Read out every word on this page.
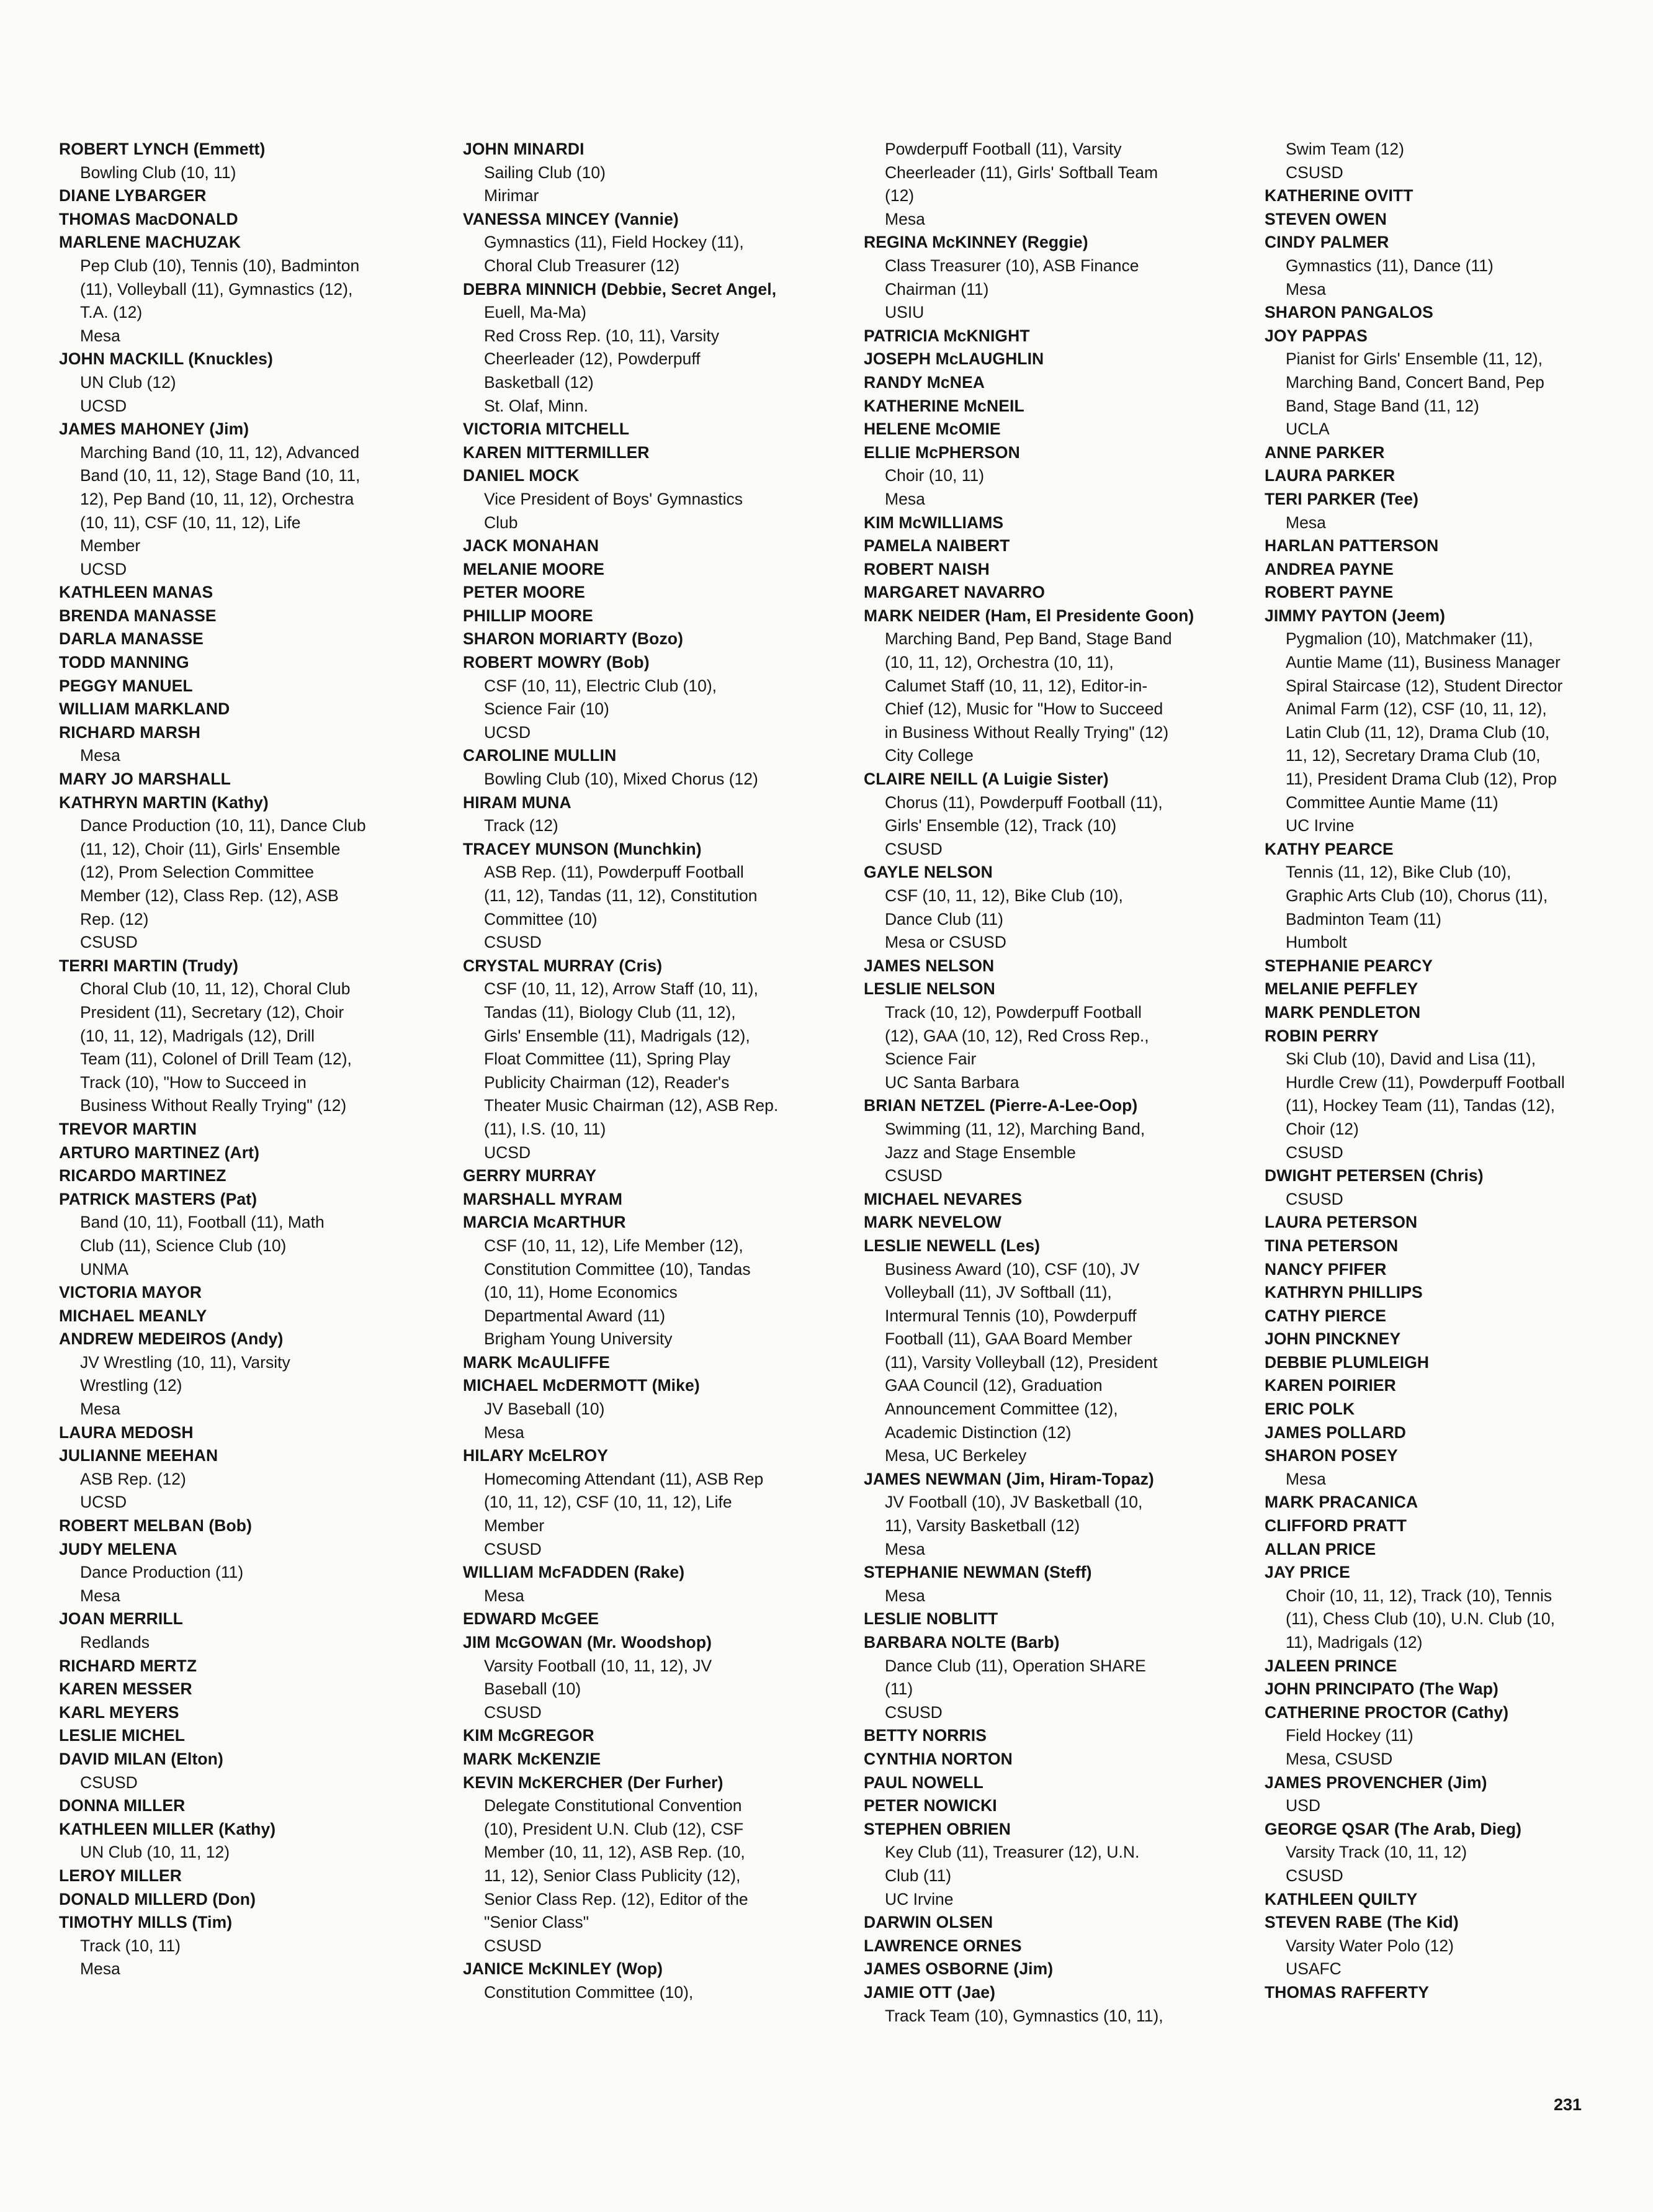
ROBERT LYNCH (Emmett)
Bowling Club (10, 11)
DIANE LYBARGER
THOMAS MacDONALD
MARLENE MACHUZAK
Pep Club (10), Tennis (10), Badminton
(11), Volleyball (11), Gymnastics (12),
T.A. (12)
Mesa
JOHN MACKILL (Knuckles)
UN Club (12)
UCSD
JAMES MAHONEY (Jim)
Marching Band (10, 11, 12), Advanced
Band (10, 11, 12), Stage Band (10, 11,
12), Pep Band (10, 11, 12), Orchestra
(10, 11), CSF (10, 11, 12), Life
Member
UCSD
KATHLEEN MANAS
BRENDA MANASSE
DARLA MANASSE
TODD MANNING
PEGGY MANUEL
WILLIAM MARKLAND
RICHARD MARSH
Mesa
MARY JO MARSHALL
KATHRYN MARTIN (Kathy)
Dance Production (10, 11), Dance Club
(11, 12), Choir (11), Girls' Ensemble
(12), Prom Selection Committee
Member (12), Class Rep. (12), ASB
Rep. (12)
CSUSD
TERRI MARTIN (Trudy)
Choral Club (10, 11, 12), Choral Club
President (11), Secretary (12), Choir
(10, 11, 12), Madrigals (12), Drill
Team (11), Colonel of Drill Team (12),
Track (10), "How to Succeed in
Business Without Really Trying" (12)
TREVOR MARTIN
ARTURO MARTINEZ (Art)
RICARDO MARTINEZ
PATRICK MASTERS (Pat)
Band (10, 11), Football (11), Math
Club (11), Science Club (10)
UNMA
VICTORIA MAYOR
MICHAEL MEANLY
ANDREW MEDEIROS (Andy)
JV Wrestling (10, 11), Varsity
Wrestling (12)
Mesa
LAURA MEDOSH
JULIANNE MEEHAN
ASB Rep. (12)
UCSD
ROBERT MELBAN (Bob)
JUDY MELENA
Dance Production (11)
Mesa
JOAN MERRILL
Redlands
RICHARD MERTZ
KAREN MESSER
KARL MEYERS
LESLIE MICHEL
DAVID MILAN (Elton)
CSUSD
DONNA MILLER
KATHLEEN MILLER (Kathy)
UN Club (10, 11, 12)
LEROY MILLER
DONALD MILLERD (Don)
TIMOTHY MILLS (Tim)
Track (10, 11)
Mesa
JOHN MINARDI
Sailing Club (10)
Mirimar
VANESSA MINCEY (Vannie)
Gymnastics (11), Field Hockey (11),
Choral Club Treasurer (12)
DEBRA MINNICH (Debbie, Secret Angel,
Euell, Ma-Ma)
Red Cross Rep. (10, 11), Varsity
Cheerleader (12), Powderpuff
Basketball (12)
St. Olaf, Minn.
VICTORIA MITCHELL
KAREN MITTERMILLER
DANIEL MOCK
Vice President of Boys' Gymnastics
Club
JACK MONAHAN
MELANIE MOORE
PETER MOORE
PHILLIP MOORE
SHARON MORIARTY (Bozo)
ROBERT MOWRY (Bob)
CSF (10, 11), Electric Club (10),
Science Fair (10)
UCSD
CAROLINE MULLIN
Bowling Club (10), Mixed Chorus (12)
HIRAM MUNA
Track (12)
TRACEY MUNSON (Munchkin)
ASB Rep. (11), Powderpuff Football
(11, 12), Tandas (11, 12), Constitution
Committee (10)
CSUSD
CRYSTAL MURRAY (Cris)
CSF (10, 11, 12), Arrow Staff (10, 11),
Tandas (11), Biology Club (11, 12),
Girls' Ensemble (11), Madrigals (12),
Float Committee (11), Spring Play
Publicity Chairman (12), Reader's
Theater Music Chairman (12), ASB Rep.
(11), I.S. (10, 11)
UCSD
GERRY MURRAY
MARSHALL MYRAM
MARCIA McARTHUR
CSF (10, 11, 12), Life Member (12),
Constitution Committee (10), Tandas
(10, 11), Home Economics
Departmental Award (11)
Brigham Young University
MARK McAULIFFE
MICHAEL McDERMOTT (Mike)
JV Baseball (10)
Mesa
HILARY McELROY
Homecoming Attendant (11), ASB Rep
(10, 11, 12), CSF (10, 11, 12), Life
Member
CSUSD
WILLIAM McFADDEN (Rake)
Mesa
EDWARD McGEE
JIM McGOWAN (Mr. Woodshop)
Varsity Football (10, 11, 12), JV
Baseball (10)
CSUSD
KIM McGREGOR
MARK McKENZIE
KEVIN McKERCHER (Der Furher)
Delegate Constitutional Convention
(10), President U.N. Club (12), CSF
Member (10, 11, 12), ASB Rep. (10,
11, 12), Senior Class Publicity (12),
Senior Class Rep. (12), Editor of the
"Senior Class"
CSUSD
JANICE McKINLEY (Wop)
Constitution Committee (10),
Powderpuff Football (11), Varsity
Cheerleader (11), Girls' Softball Team
(12)
Mesa
REGINA McKINNEY (Reggie)
Class Treasurer (10), ASB Finance
Chairman (11)
USIU
PATRICIA McKNIGHT
JOSEPH McLAUGHLIN
RANDY McNEA
KATHERINE McNEIL
HELENE McOMIE
ELLIE McPHERSON
Choir (10, 11)
Mesa
KIM McWILLIAMS
PAMELA NAIBERT
ROBERT NAISH
MARGARET NAVARRO
MARK NEIDER (Ham, El Presidente Goon)
Marching Band, Pep Band, Stage Band
(10, 11, 12), Orchestra (10, 11),
Calumet Staff (10, 11, 12), Editor-in-
Chief (12), Music for "How to Succeed
in Business Without Really Trying" (12)
City College
CLAIRE NEILL (A Luigie Sister)
Chorus (11), Powderpuff Football (11),
Girls' Ensemble (12), Track (10)
CSUSD
GAYLE NELSON
CSF (10, 11, 12), Bike Club (10),
Dance Club (11)
Mesa or CSUSD
JAMES NELSON
LESLIE NELSON
Track (10, 12), Powderpuff Football
(12), GAA (10, 12), Red Cross Rep.,
Science Fair
UC Santa Barbara
BRIAN NETZEL (Pierre-A-Lee-Oop)
Swimming (11, 12), Marching Band,
Jazz and Stage Ensemble
CSUSD
MICHAEL NEVARES
MARK NEVELOW
LESLIE NEWELL (Les)
Business Award (10), CSF (10), JV
Volleyball (11), JV Softball (11),
Intermural Tennis (10), Powderpuff
Football (11), GAA Board Member
(11), Varsity Volleyball (12), President
GAA Council (12), Graduation
Announcement Committee (12),
Academic Distinction (12)
Mesa, UC Berkeley
JAMES NEWMAN (Jim, Hiram-Topaz)
JV Football (10), JV Basketball (10,
11), Varsity Basketball (12)
Mesa
STEPHANIE NEWMAN (Steff)
Mesa
LESLIE NOBLITT
BARBARA NOLTE (Barb)
Dance Club (11), Operation SHARE
(11)
CSUSD
BETTY NORRIS
CYNTHIA NORTON
PAUL NOWELL
PETER NOWICKI
STEPHEN OBRIEN
Key Club (11), Treasurer (12), U.N.
Club (11)
UC Irvine
DARWIN OLSEN
LAWRENCE ORNES
JAMES OSBORNE (Jim)
JAMIE OTT (Jae)
Track Team (10), Gymnastics (10, 11),
Swim Team (12)
CSUSD
KATHERINE OVITT
STEVEN OWEN
CINDY PALMER
Gymnastics (11), Dance (11)
Mesa
SHARON PANGALOS
JOY PAPPAS
Pianist for Girls' Ensemble (11, 12),
Marching Band, Concert Band, Pep
Band, Stage Band (11, 12)
UCLA
ANNE PARKER
LAURA PARKER
TERI PARKER (Tee)
Mesa
HARLAN PATTERSON
ANDREA PAYNE
ROBERT PAYNE
JIMMY PAYTON (Jeem)
Pygmalion (10), Matchmaker (11),
Auntie Mame (11), Business Manager
Spiral Staircase (12), Student Director
Animal Farm (12), CSF (10, 11, 12),
Latin Club (11, 12), Drama Club (10,
11, 12), Secretary Drama Club (10,
11), President Drama Club (12), Prop
Committee Auntie Mame (11)
UC Irvine
KATHY PEARCE
Tennis (11, 12), Bike Club (10),
Graphic Arts Club (10), Chorus (11),
Badminton Team (11)
Humbolt
STEPHANIE PEARCY
MELANIE PEFFLEY
MARK PENDLETON
ROBIN PERRY
Ski Club (10), David and Lisa (11),
Hurdle Crew (11), Powderpuff Football
(11), Hockey Team (11), Tandas (12),
Choir (12)
CSUSD
DWIGHT PETERSEN (Chris)
CSUSD
LAURA PETERSON
TINA PETERSON
NANCY PFIFER
KATHRYN PHILLIPS
CATHY PIERCE
JOHN PINCKNEY
DEBBIE PLUMLEIGH
KAREN POIRIER
ERIC POLK
JAMES POLLARD
SHARON POSEY
Mesa
MARK PRACANICA
CLIFFORD PRATT
ALLAN PRICE
JAY PRICE
Choir (10, 11, 12), Track (10), Tennis
(11), Chess Club (10), U.N. Club (10,
11), Madrigals (12)
JALEEN PRINCE
JOHN PRINCIPATO (The Wap)
CATHERINE PROCTOR (Cathy)
Field Hockey (11)
Mesa, CSUSD
JAMES PROVENCHER (Jim)
USD
GEORGE QSAR (The Arab, Dieg)
Varsity Track (10, 11, 12)
CSUSD
KATHLEEN QUILTY
STEVEN RABE (The Kid)
Varsity Water Polo (12)
USAFC
THOMAS RAFFERTY
231
